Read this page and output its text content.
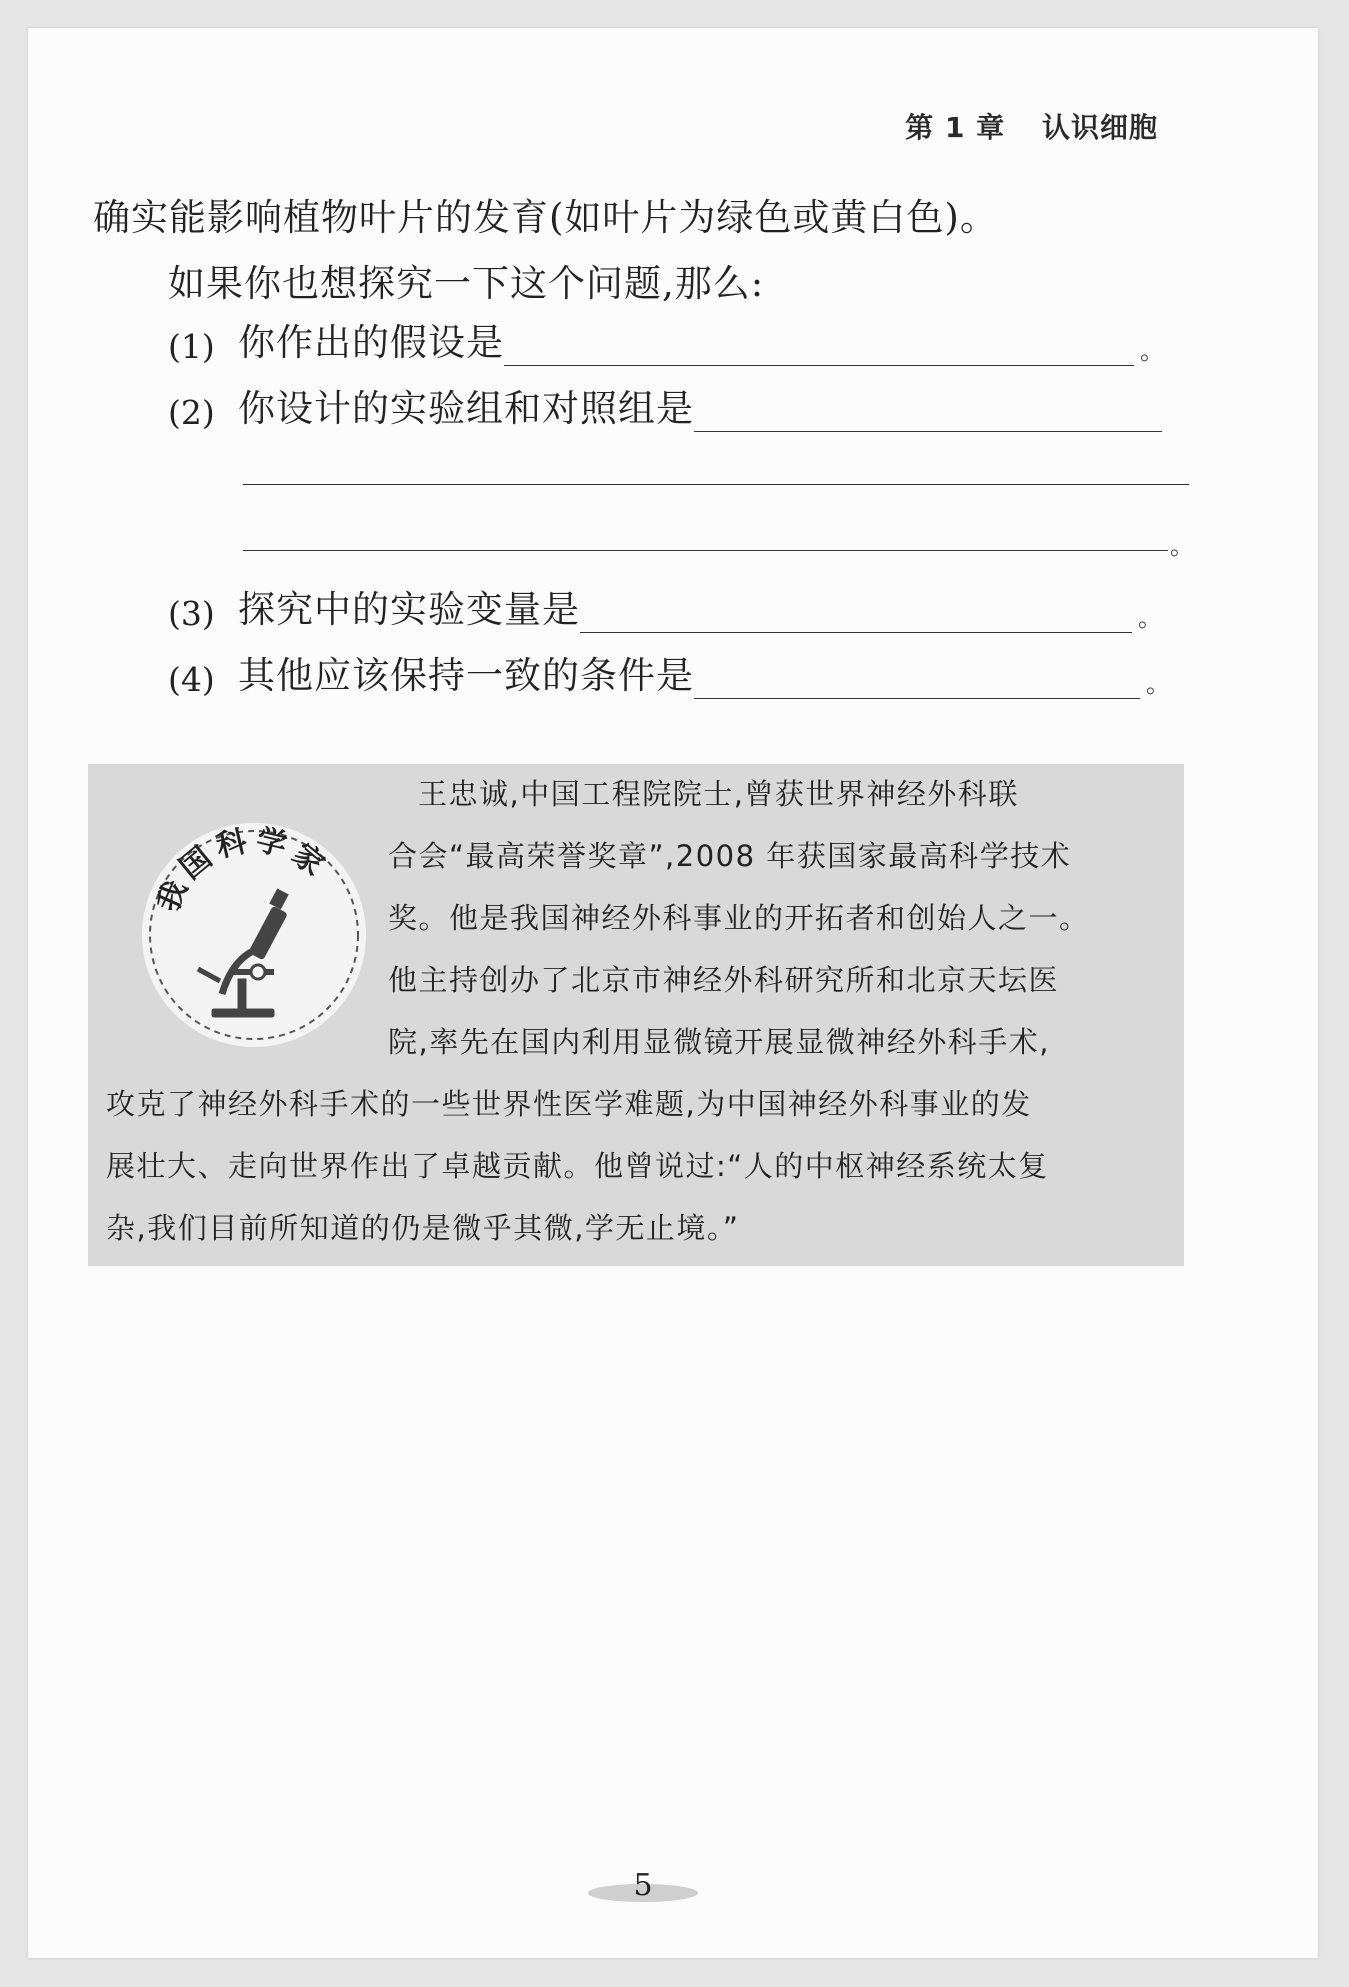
第 1 章 认识细胞
确实能影响植物叶片的发育(如叶片为绿色或黄白色)。
如果你也想探究一下这个问题,那么:
(1) 你作出的假设是	。
(2) 你设计的实验组和对照组是
。
(3) 探究中的实验变量是	。
(4) 其他应该保持一致的条件是	。
我国科学家
王忠诚,中国工程院院士,曾获世界神经外科联
合会“最高荣誉奖章”,2008 年获国家最高科学技术
奖。他是我国神经外科事业的开拓者和创始人之一。
他主持创办了北京市神经外科研究所和北京天坛医
院,率先在国内利用显微镜开展显微神经外科手术,
攻克了神经外科手术的一些世界性医学难题,为中国神经外科事业的发
展壮大、走向世界作出了卓越贡献。他曾说过:“人的中枢神经系统太复
杂,我们目前所知道的仍是微乎其微,学无止境。”
5
